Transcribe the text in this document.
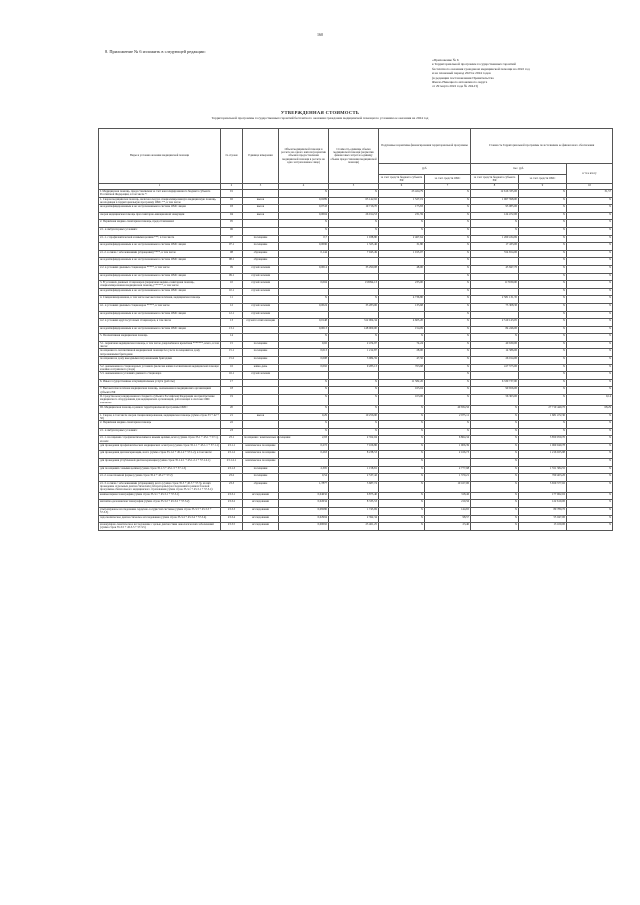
160
8. Приложение № 6 изложить в следующей редакции:
«Приложение № 6
к Территориальной программе государственных гарантий
бесплатного оказания гражданам медицинской помощи на 2022 год
и на плановый период 2023 и 2024 годов
(в редакции постановления Правительства
Ямало-Ненецкого автономного округа
от 29 марта 2022 года № 294-П)
УТВЕРЖДЕННАЯ СТОИМОСТЬ
Территориальной программы государственных гарантий бесплатного оказания гражданам медицинской помощи по условиям ее оказания на 2024 год
Виды и условия оказания медицинской помощи	№ строки	Единица измерения	Объем медицинской помощи в расчете на одного жителя (норматив объемов предоставления медицинской помощи в расчете на одно застрахованное лицо)	Стоимость единицы объема медицинской помощи (норматив финансовых затрат на единицу объема предоставления медицинской помощи)	Подушевые нормативы финансирования территориальной программы		Стоимость Территориальной программы по источникам ее финансового обеспечения		
					руб.		тыс. руб.		в % к итогу
					за счет средств бюджета субъекта РФ	за счет средств ОМС	за счет средств бюджета субъекта РФ	за счет средств ОМС	
1	2	3	4	5	6	7	8	9	10
I. Медицинская помощь, предоставляемая за счет консолидированного бюджета субъекта Российской Федерации, в том числе *:	01		X	X	23 424,79	X	12 616 335,00	X	31,57
1. Скорая медицинская помощь, включая скорую специализированную медицинскую помощь, не входящая в территориальную программу ОМС **, в том числе	02	вызов	0,0289	65 142,92	1 527,19	X	1 967 398,00	X	X
не идентифицированным и не застрахованным в системе ОМС лицам	03	вызов	0,0743	19 716,70	175,83	X	95 085,00	X	X
скорая медицинская помощь при санитарно-авиационной эвакуации	04	вызов	0,0004	26 014,53	231,59	X	124 472,00	X	X
2. Первичная медико-санитарная помощь, предоставляемая:	05		X	X	X	X	X	X	X
2.1. в амбулаторных условиях:	06		X	X	X	X	X	X	X
2.1.1. с профилактической и иными целями ***, в том числе	07	посещение	0,7	1 938,80	2 467,64	X	1 260 434,69	X	X
не идентифицированным и не застрахованным в системе ОМС лицам	07.1	посещение	0,0096	1 325,46	31,80	X	17 433,00	X	X
2.1.2. в связи с заболеваниями (обращений) ****, в том числе	08	обращение	0,144	7 045,49	1 015,07	X	554 654,00	X	X
не идентифицированным и не застрахованным в системе ОМС лицам	08.1	обращение				X		X	X
2.2. в условиях дневных стационаров *****, в том числе	09	случай лечения	0,0014	35 290,08	48,00	X	45 847,70	X	X
не идентифицированным и не застрахованным в системе ОМС лицам	09.1	случай лечения				X		X	X
3. В условиях дневных стационаров (первичная медико-санитарная помощь, специализированная медицинская помощь) ******, в том числе	10	случай лечения	0,004	133094,13	235,00	X	117939,00	X	X
не идентифицированным и не застрахованным в системе ОМС лицам	10.1	случай лечения				X		X	X
4. Специализированная, в том числе высокотехнологичная, медицинская помощь	11		X	X	4 736,80	X	2 581 131,35	X	X
4.1. в условиях дневных стационаров *****, в том числе	12	случай лечения	0,0024	35 283,06	135,68	X	75 308,30	X	X
не идентифицированным и не застрахованным в системе ОМС лицам	12.1	случай лечения				X		X	X
4.2. в условиях круглосуточных стационаров, в том числе	13	случай госпитализации	0,0148	312 004,34	4 605,20	X	2 519 143,05	X	X
не идентифицированным и не застрахованным в системе ОМС лицам	13.1		0,0013	148 000,00	154,09	X	84 246,00	X	X
5. Паллиативная медицинская помощь	14		X	X	X	X	X	X	X
5.1. первичная медицинская помощь, в том числе доврачебная и врачебная *******, всего, в том числе:	15	посещение	0,02	2 474,97	74,24	X	40 630,00	X	X
посещения по паллиативной медицинской помощи без учета посещений на дому патронажными бригадами	15.1	посещение	0,013	1 212,87	28,00	X	14 586,00	X	X
посещения на дому выездными патронажными бригадами	15.2	посещение	0,008	3 984,59	47,56	X	26 014,00	X	X
5.2. оказываемая в стационарных условиях (включая койки паллиативной медицинской помощи и койки сестринского ухода)	16	койко-день	0,092	9 283,13	763,68	X	417 375,00	X	X
5.3. оказываемая в условиях дневного стационара	16.1	случай лечения				X		X	X
6. Иные государственные и муниципальные услуги (работы)	17		X	X	11 582,26	X	6 330 737,00	X	X
7. Высокотехнологичная медицинская помощь, оказываемая в медицинских организациях субъекта РФ	18		X	X	165,04	X	90 656,00	X	X
II. Средства консолидированного бюджета субъекта Российской Федерации на приобретение медицинского оборудования для медицинских организаций, работающих в системе ОМС ********	19		X	X	103,06	X	56 363,00	X	0,14
III. Медицинская помощь в рамках территориальной программы ОМС:	20		X	X	X	49 834,56	X	27 719 449,70	68,29
1. Скорая, в том числе скорая специализированная, медицинская помощь (сумма строк 33 + 42 + 50)	21	вызов	0,29	10 256,90	X	2 975,11	X	1 681 472,36	X
2. Первичная медико-санитарная помощь	22		X	X	X	X	X	X	X
2.1. в амбулаторных условиях:	23		X	X	X	X	X	X	X
2.1.1. посещения с профилактическими и иными целями, всего (сумма строк 35.1 + 45.1 + 57.1), из них:	23.1	посещения / комплексные посещения	2,93	2 352,04	X	6 864,34	X	3 850 050,76	X
для проведения профилактических медицинских осмотров (сумма строк 35.1.1 + 45.1.1 + 57.1.1)	23.1.1	комплексное посещение	0,272	7 106,86	X	1 906,39	X	1 069 949,78	X
для проведения диспансеризации, всего (сумма строк 35.1.2 + 45.1.2 + 57.1.2), в том числе:	23.1.2	комплексное посещение	0,263	8 238,53	X	2 166,73	X	1 216 025,98	X
для проведения углубленной диспансеризации (сумма строк 35.1.2.1 + 45.1.2.1 + 57.1.2.1)	23.1.2.1	комплексное посещение			X		X		X
для посещений с иными целями (сумма строк 35.1.3 + 45.1.3 + 57.1.3)	23.1.3	посещения	2,395	1 158,81	X	2 777,98	X	1 551 384,55	X
2.1.2. в неотложной форме (сумма строк 35.2 + 45.2 + 57.2)	23.2	посещение	0,54	2 537,42	X	1 370,21	X	769 403,20	X
2.1.3. в связи с заболеваниями (обращений), всего (сумма строк 35.3 + 45.3 + 57.3), из них проведение отдельных диагностических (лабораторных) исследований в рамках базовой программы обязательного медицинского страхования (сумма строк 35.3.1 + 45.3.1 + 57.3.1):	23.3	обращение	1,7877	5 687,74	X	10 167,00	X	5 659 377,02	X
компьютерная томография (сумма строк 35.3.1 + 45.3.1 + 57.3.1)	23.3.1	исследования	0,04632	6 875,40	X	318,46	X	177 962,02	X
магнитно-резонансная томография (сумма строк 35.3.2 + 45.3.2 + 57.3.2)	23.3.2	исследования	0,02634	8 335,53	X	219,56	X	122 619,00	X
ультразвуковое исследование сердечно-сосудистой системы (сумма строк 35.3.3 + 45.3.3 + 57.3.3)	23.3.3	исследования	0,08286	1 745,69	X	144,65	X	80 780,70	X
эндоскопическое диагностическое исследование (сумма строк 35.3.4 + 45.3.4 + 57.3.4)	23.3.4	исследования	0,02994	2 392,34	X	98,57	X	55 047,00	X
молекулярно-генетическое исследование с целью диагностики онкологических заболеваний (сумма строк 35.3.5 + 45.3.5 + 57.3.5)	23.3.5	исследования	0,00092	25 461,25	X	23,46	X	13 100,00	X
